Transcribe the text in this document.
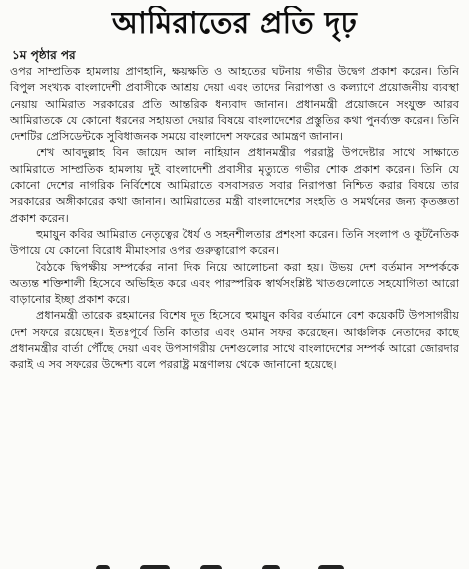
আমিরাতের প্রতি দৃঢ়
১ম পৃষ্ঠার পর

ওপর সাম্প্রতিক হামলায় প্রাণহানি, ক্ষয়ক্ষতি ও আহতের ঘটনায় গভীর উদ্বেগ প্রকাশ করেন। তিনি বিপুল সংখ্যক বাংলাদেশী প্রবাসীকে আশ্রয় দেয়া এবং তাদের নিরাপত্তা ও কল্যাণে প্রয়োজনীয় ব্যবস্থা নেয়ায় আমিরাত সরকারের প্রতি আন্তরিক ধন্যবাদ জানান। প্রধানমন্ত্রী প্রয়োজনে সংযুক্ত আরব আমিরাতকে যে কোনো ধরনের সহায়তা দেয়ার বিষয়ে বাংলাদেশের প্রস্তুতির কথা পুনর্ব্যক্ত করেন। তিনি দেশটির প্রেসিডেন্টকে সুবিধাজনক সময়ে বাংলাদেশ সফরের আমন্ত্রণ জানান।

শেখ আবদুল্লাহ বিন জায়েদ আল নাহিয়ান প্রধানমন্ত্রীর পররাষ্ট্র উপদেষ্টার সাথে সাক্ষাতে আমিরাতে সাম্প্রতিক হামলায় দুই বাংলাদেশী প্রবাসীর মৃত্যুতে গভীর শোক প্রকাশ করেন। তিনি যে কোনো দেশের নাগরিক নির্বিশেষে আমিরাতে বসবাসরত সবার নিরাপত্তা নিশ্চিত করার বিষয়ে তার সরকারের অঙ্গীকারের কথা জানান। আমিরাতের মন্ত্রী বাংলাদেশের সংহতি ও সমর্থনের জন্য কৃতজ্ঞতা প্রকাশ করেন।

হুমায়ুন কবির আমিরাত নেতৃত্বের ধৈর্য ও সহনশীলতার প্রশংসা করেন। তিনি সংলাপ ও কূটনৈতিক উপায়ে যে কোনো বিরোধ মীমাংসার ওপর গুরুত্বারোপ করেন।

বৈঠকে দ্বিপক্ষীয় সম্পর্কের নানা দিক নিয়ে আলোচনা করা হয়। উভয় দেশ বর্তমান সম্পর্ককে অত্যন্ত শক্তিশালী হিসেবে অভিহিত করে এবং পারস্পরিক স্বার্থসংশ্লিষ্ট খাতগুলোতে সহযোগিতা আরো বাড়ানোর ইচ্ছা প্রকাশ করে।

প্রধানমন্ত্রী তারেক রহমানের বিশেষ দূত হিসেবে হুমায়ুন কবির বর্তমানে বেশ কয়েকটি উপসাগরীয় দেশ সফরে রয়েছেন। ইতঃপূর্বে তিনি কাতার এবং ওমান সফর করেছেন। আঞ্চলিক নেতাদের কাছে প্রধানমন্ত্রীর বার্তা পৌঁছে দেয়া এবং উপসাগরীয় দেশগুলোর সাথে বাংলাদেশের সম্পর্ক আরো জোরদার করাই এ সব সফরের উদ্দেশ্য বলে পররাষ্ট্র মন্ত্রণালয় থেকে জানানো হয়েছে।
